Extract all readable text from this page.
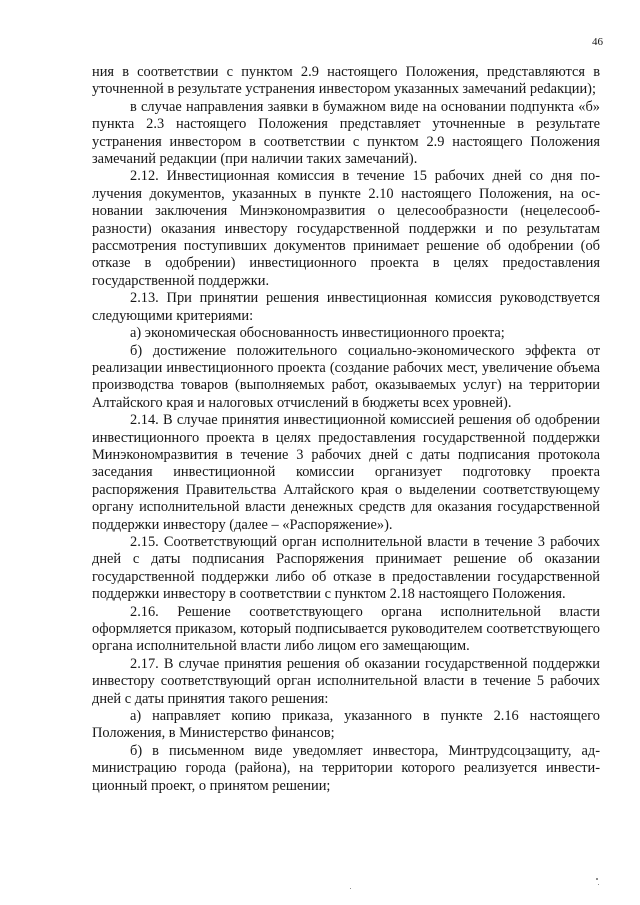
46

ния в соответствии с пунктом 2.9 настоящего Положения, представляются в уточненной в результате устранения инвестором указанных замечаний реdакции);

в случае направления заявки в бумажном виде на основании подпункта «б» пункта 2.3 настоящего Положения представляет уточненные в результате устранения инвестором в соответствии с пунктом 2.9 настоящего Положения замечаний редакции (при наличии таких замечаний).

2.12. Инвестиционная комиссия в течение 15 рабочих дней со дня получения документов, указанных в пункте 2.10 настоящего Положения, на основании заключения Минэкономразвития о целесообразности (нецелесообразности) оказания инвестору государственной поддержки и по результатам рассмотрения поступивших документов принимает решение об одобрении (об отказе в одобрении) инвестиционного проекта в целях предоставления государственной поддержки.

2.13. При принятии решения инвестиционная комиссия руководствуется следующими критериями:

а) экономическая обоснованность инвестиционного проекта;

б) достижение положительного социально-экономического эффекта от реализации инвестиционного проекта (создание рабочих мест, увеличение объема производства товаров (выполняемых работ, оказываемых услуг) на территории Алтайского края и налоговых отчислений в бюджеты всех уровней).

2.14. В случае принятия инвестиционной комиссией решения об одобрении инвестиционного проекта в целях предоставления государственной поддержки Минэкономразвития в течение 3 рабочих дней с даты подписания протокола заседания инвестиционной комиссии организует подготовку проекта распоряжения Правительства Алтайского края о выделении соответствующему органу исполнительной власти денежных средств для оказания государственной поддержки инвестору (далее – «Распоряжение»).

2.15. Соответствующий орган исполнительной власти в течение 3 рабочих дней с даты подписания Распоряжения принимает решение об оказании государственной поддержки либо об отказе в предоставлении государственной поддержки инвестору в соответствии с пунктом 2.18 настоящего Положения.

2.16. Решение соответствующего органа исполнительной власти оформляется приказом, который подписывается руководителем соответствующего органа исполнительной власти либо лицом его замещающим.

2.17. В случае принятия решения об оказании государственной поддержки инвестору соответствующий орган исполнительной власти в течение 5 рабочих дней с даты принятия такого решения:

а) направляет копию приказа, указанного в пункте 2.16 настоящего Положения, в Министерство финансов;

б) в письменном виде уведомляет инвестора, Минтрудсоцзащиту, администрацию города (района), на территории которого реализуется инвестиционный проект, о принятом решении;
